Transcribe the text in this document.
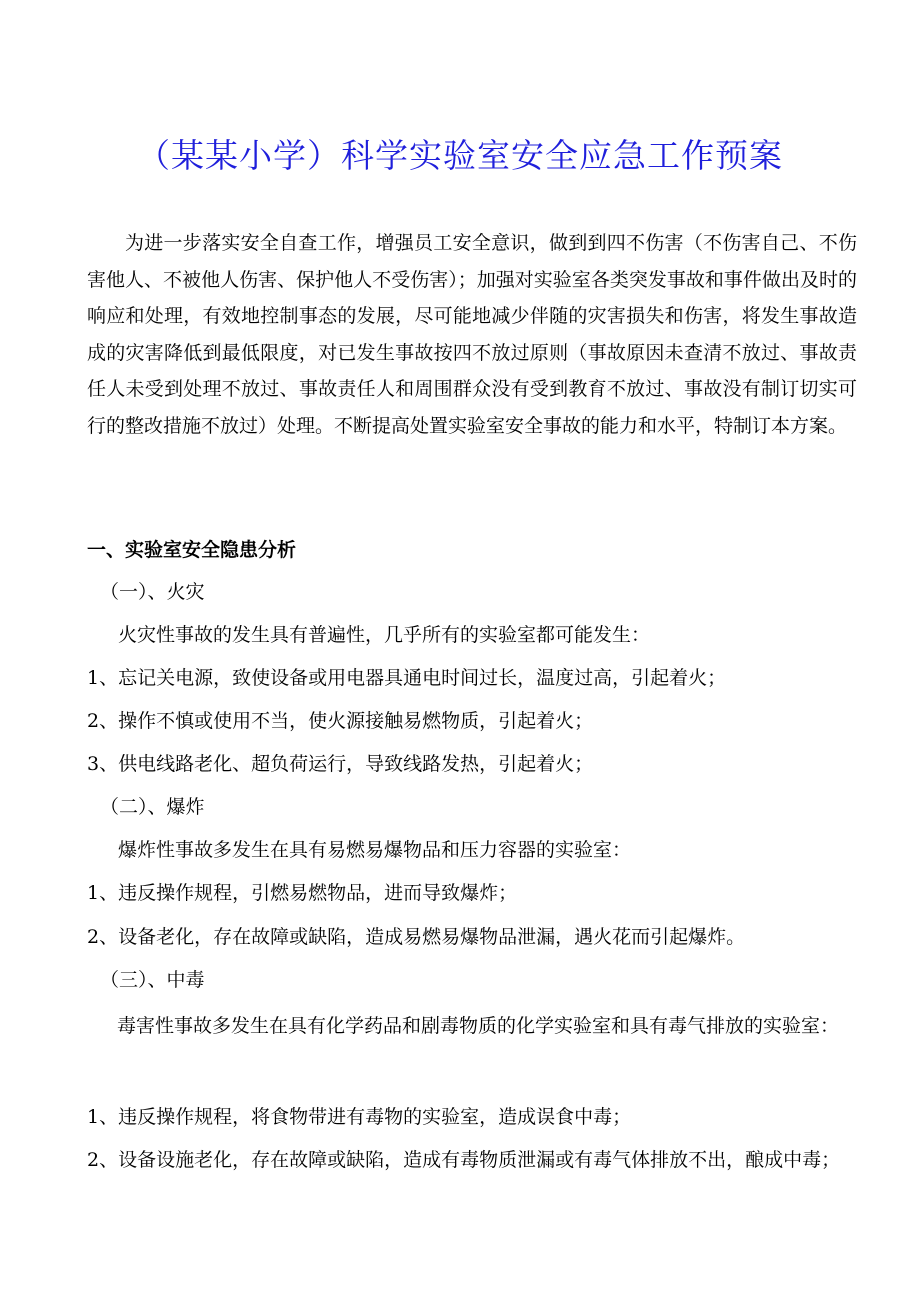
（某某小学）科学实验室安全应急工作预案

为进一步落实安全自查工作，增强员工安全意识，做到到四不伤害（不伤害自己、不伤害他人、不被他人伤害、保护他人不受伤害）；加强对实验室各类突发事故和事件做出及时的响应和处理，有效地控制事态的发展，尽可能地减少伴随的灾害损失和伤害，将发生事故造成的灾害降低到最低限度，对已发生事故按四不放过原则（事故原因未查清不放过、事故责任人未受到处理不放过、事故责任人和周围群众没有受到教育不放过、事故没有制订切实可行的整改措施不放过）处理。不断提高处置实验室安全事故的能力和水平，特制订本方案。

一、实验室安全隐患分析
（一）、火灾
火灾性事故的发生具有普遍性，几乎所有的实验室都可能发生：
1、忘记关电源，致使设备或用电器具通电时间过长，温度过高，引起着火；
2、操作不慎或使用不当，使火源接触易燃物质，引起着火；
3、供电线路老化、超负荷运行，导致线路发热，引起着火；
（二）、爆炸
爆炸性事故多发生在具有易燃易爆物品和压力容器的实验室：
1、违反操作规程，引燃易燃物品，进而导致爆炸；
2、设备老化，存在故障或缺陷，造成易燃易爆物品泄漏，遇火花而引起爆炸。
（三）、中毒

毒害性事故多发生在具有化学药品和剧毒物质的化学实验室和具有毒气排放的实验室：

1、违反操作规程，将食物带进有毒物的实验室，造成误食中毒；
2、设备设施老化，存在故障或缺陷，造成有毒物质泄漏或有毒气体排放不出，酿成中毒；
